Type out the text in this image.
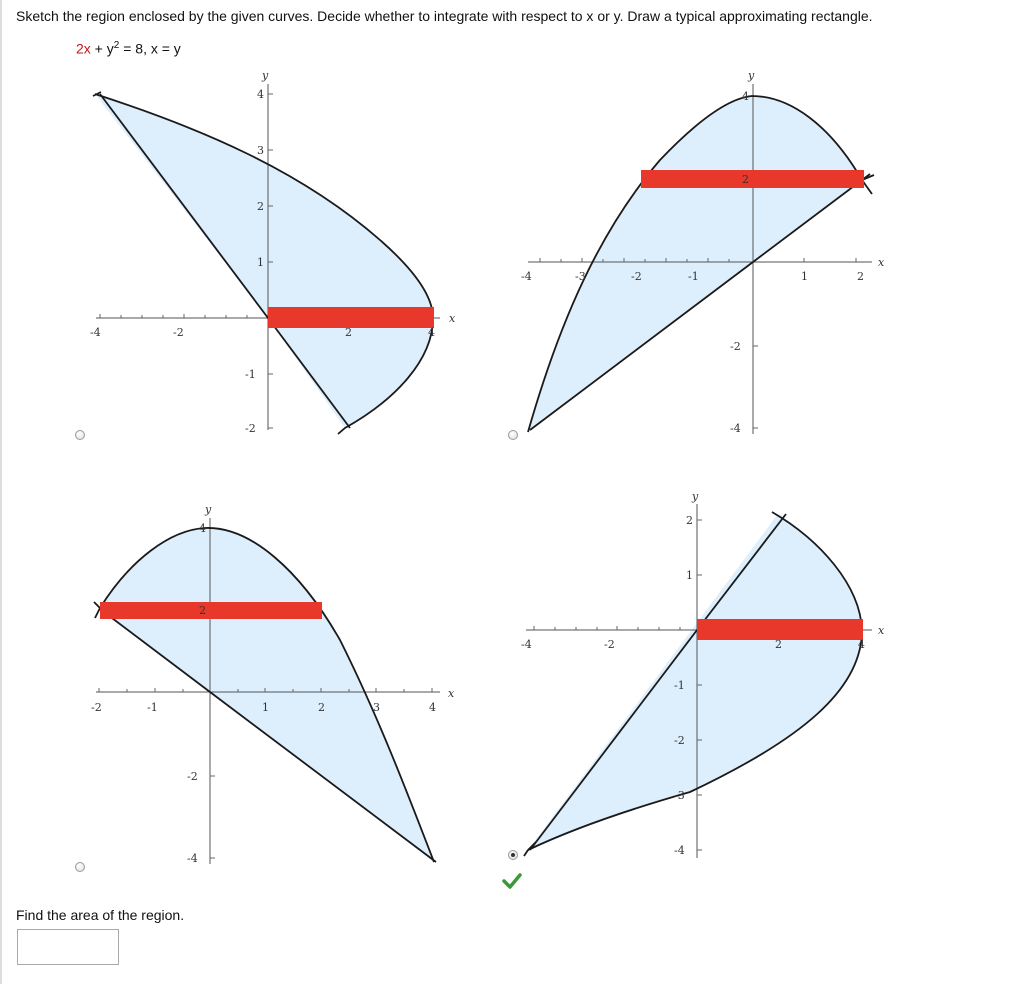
Sketch the region enclosed by the given curves. Decide whether to integrate with respect to x or y. Draw a typical approximating rectangle.
$2x + y^2 = 8$, x = y
y
x
-4	-2	2	4
4
3
2
1
-1
-2
y
x
-4	-3	-2	-1	1	2
4
2
-2
-4
y
x
-2	-1	1	2	3	4
4
2
-2
-4
y
x
-4	-2	2	4
2
1
-1
-2
-3
-4
Find the area of the region.
